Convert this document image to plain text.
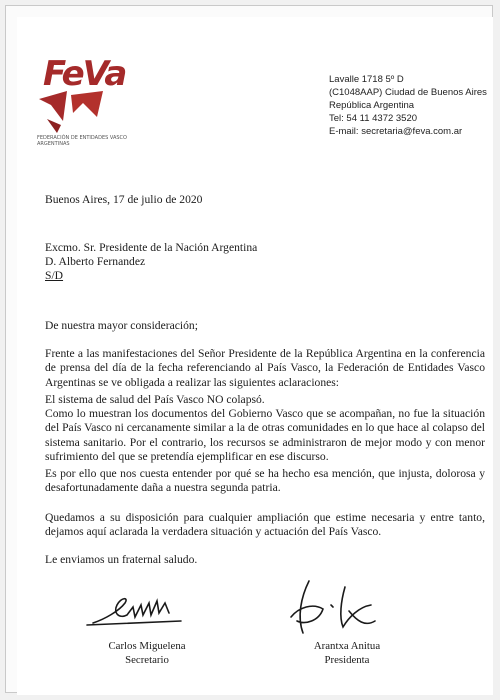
FeVa
FEDERACIÓN DE ENTIDADES VASCO ARGENTINAS
Lavalle 1718 5º D
(C1048AAP) Ciudad de Buenos Aires
República Argentina
Tel: 54 11 4372 3520
E-mail: secretaria@feva.com.ar
Buenos Aires, 17 de julio de 2020
Excmo. Sr. Presidente de la Nación Argentina
D. Alberto Fernandez
S/D
De nuestra mayor consideración;
Frente a las manifestaciones del Señor Presidente de la República Argentina en la conferencia de prensa del día de la fecha referenciando al País Vasco, la Federación de Entidades Vasco Argentinas se ve obligada a realizar las siguientes aclaraciones:
El sistema de salud del País Vasco NO colapsó.
Como lo muestran los documentos del Gobierno Vasco que se acompañan, no fue la situación del País Vasco ni cercanamente similar a la de otras comunidades en lo que hace al colapso del sistema sanitario. Por el contrario, los recursos se administraron de mejor modo y con menor sufrimiento del que se pretendía ejemplificar en ese discurso.
Es por ello que nos cuesta entender por qué se ha hecho esa mención, que injusta, dolorosa y desafortunadamente daña a nuestra segunda patria.
Quedamos a su disposición para cualquier ampliación que estime necesaria y entre tanto, dejamos aquí aclarada la verdadera situación y actuación del País Vasco.
Le enviamos un fraternal saludo.
Carlos Miguelena
Secretario
Arantxa Anitua
Presidenta
